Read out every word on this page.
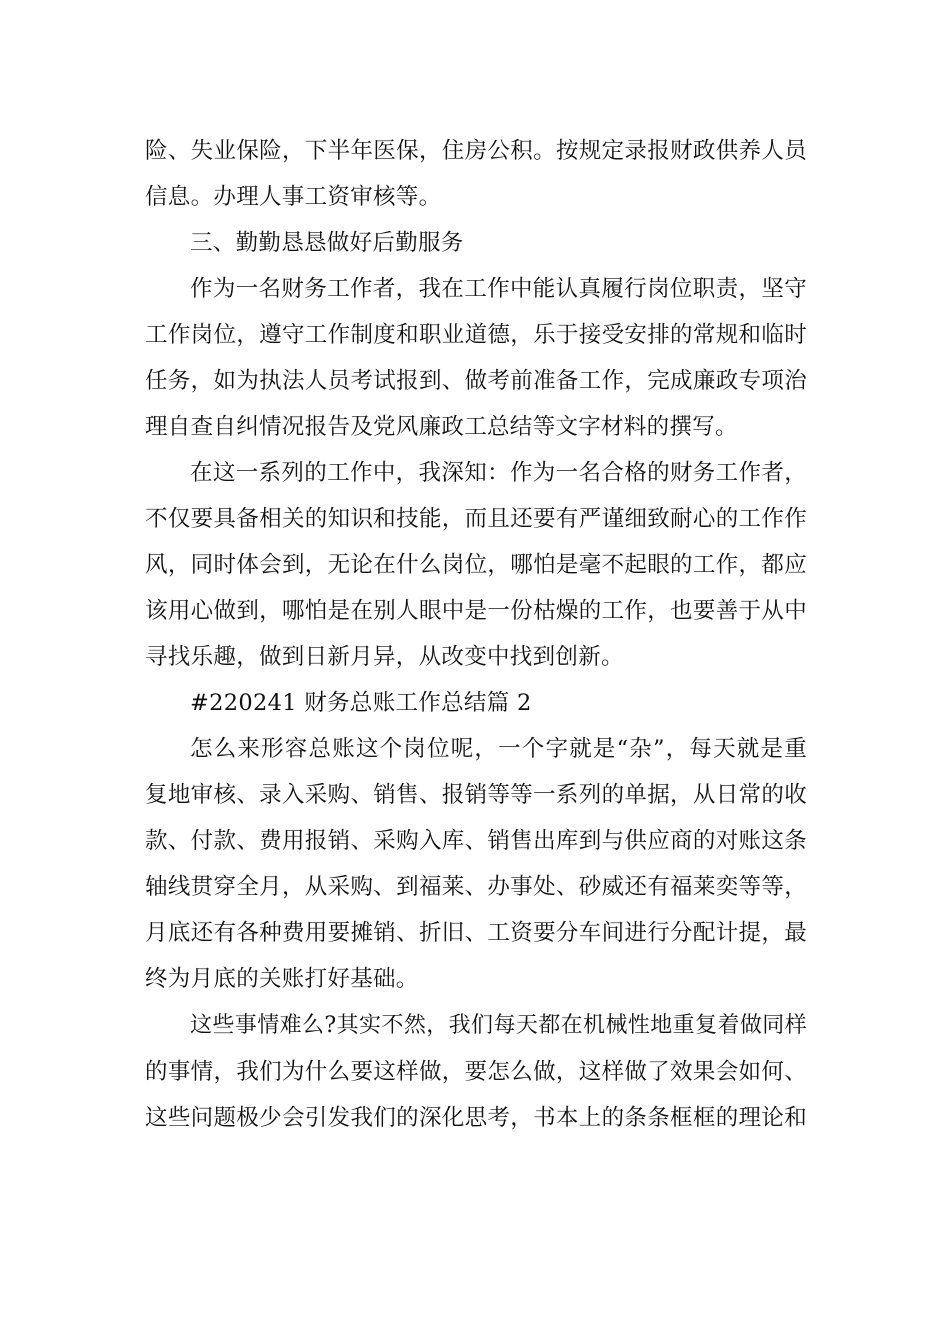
险、失业保险，下半年医保，住房公积。按规定录报财政供养人员
信息。办理人事工资审核等。
三、勤勤恳恳做好后勤服务
作为一名财务工作者，我在工作中能认真履行岗位职责，坚守
工作岗位，遵守工作制度和职业道德，乐于接受安排的常规和临时
任务，如为执法人员考试报到、做考前准备工作，完成廉政专项治
理自查自纠情况报告及党风廉政工总结等文字材料的撰写。
在这一系列的工作中，我深知：作为一名合格的财务工作者，
不仅要具备相关的知识和技能，而且还要有严谨细致耐心的工作作
风，同时体会到，无论在什么岗位，哪怕是毫不起眼的工作，都应
该用心做到，哪怕是在别人眼中是一份枯燥的工作，也要善于从中
寻找乐趣，做到日新月异，从改变中找到创新。
#220241 财务总账工作总结篇 2
怎么来形容总账这个岗位呢，一个字就是“杂”，每天就是重
复地审核、录入采购、销售、报销等等一系列的单据，从日常的收
款、付款、费用报销、采购入库、销售出库到与供应商的对账这条
轴线贯穿全月，从采购、到福莱、办事处、砂威还有福莱奕等等，
月底还有各种费用要摊销、折旧、工资要分车间进行分配计提，最
终为月底的关账打好基础。
这些事情难么?其实不然，我们每天都在机械性地重复着做同样
的事情，我们为什么要这样做，要怎么做，这样做了效果会如何、
这些问题极少会引发我们的深化思考，书本上的条条框框的理论和
